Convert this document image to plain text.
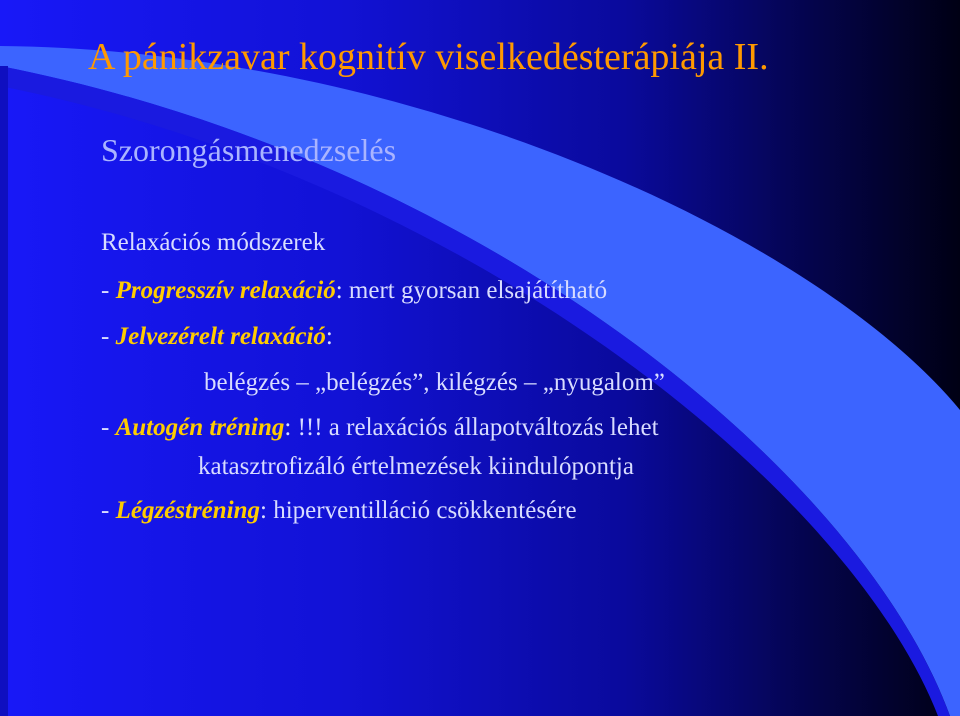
A pánikzavar kognitív viselkedésterápiája II.
Szorongásmenedzselés
Relaxációs módszerek
- Progresszív relaxáció: mert gyorsan elsajátítható
- Jelvezérelt relaxáció:
belégzés – „belégzés”, kilégzés – „nyugalom”
- Autogén tréning: !!! a relaxációs állapotváltozás lehet
katasztrofizáló értelmezések kiindulópontja
- Légzéstréning: hiperventilláció csökkentésére
